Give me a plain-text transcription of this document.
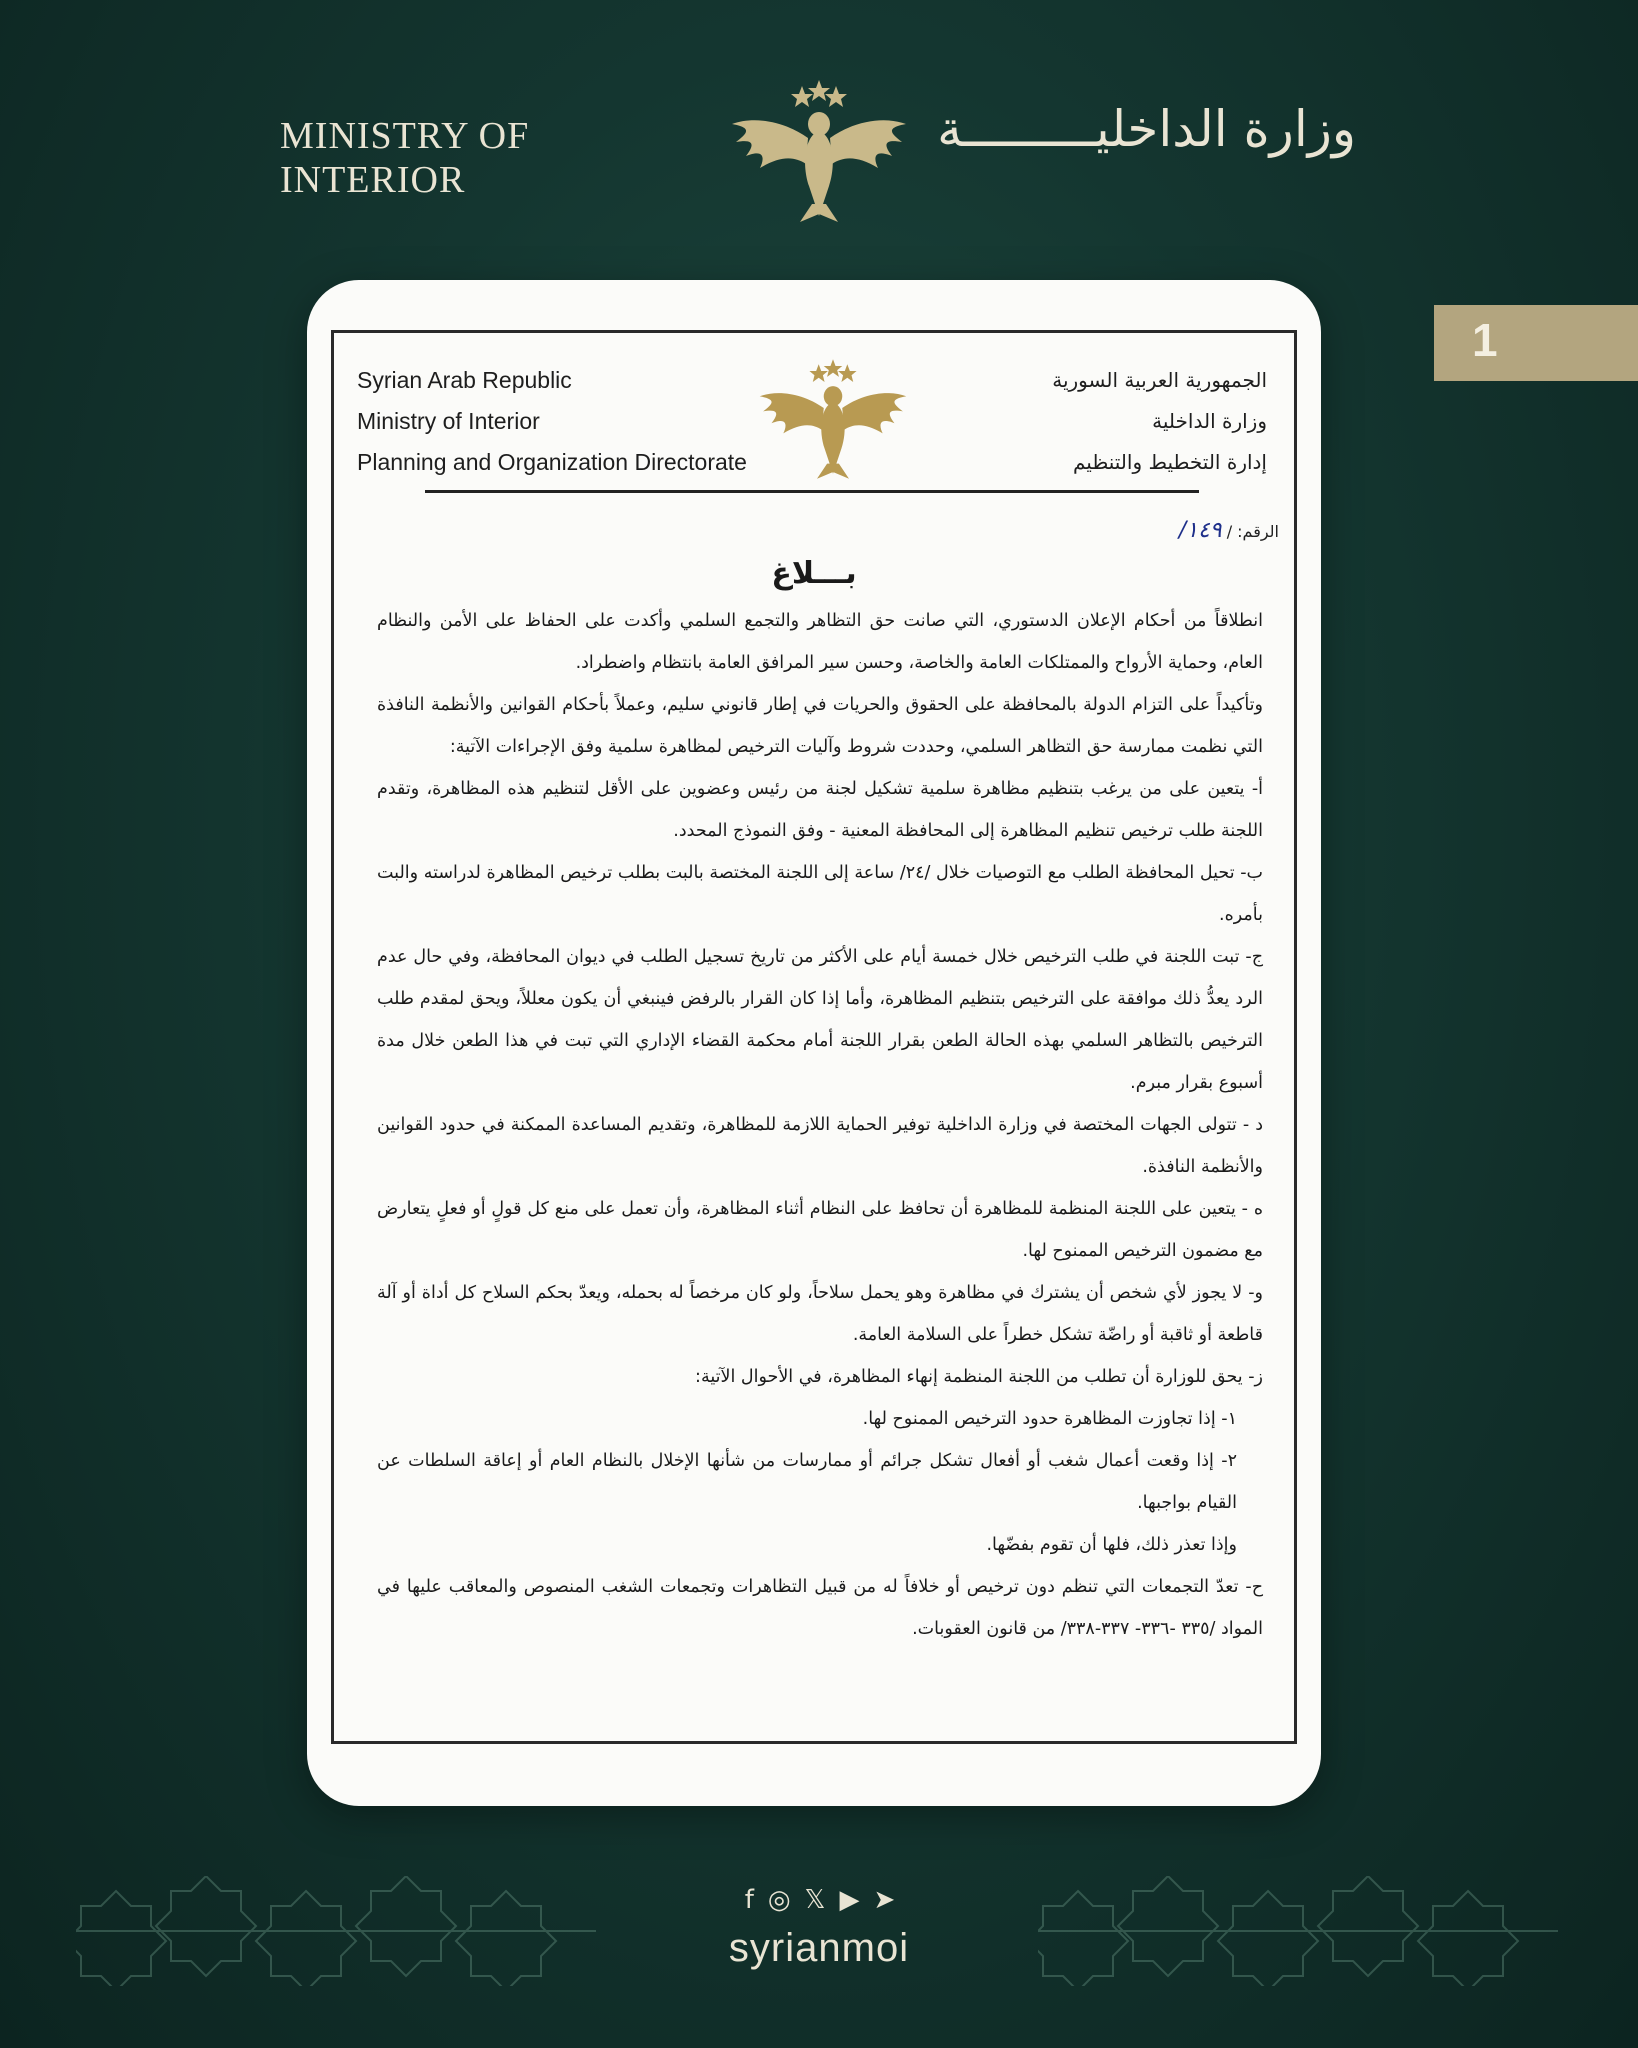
MINISTRY OF INTERIOR
وزارة الداخليـــــــــة
1
Syrian Arab Republic
Ministry of Interior
Planning and Organization Directorate
الجمهورية العربية السورية
وزارة الداخلية
إدارة التخطيط والتنظيم
الرقم: / ١٤٩/
بـــلاغ

انطلاقاً من أحكام الإعلان الدستوري، التي صانت حق التظاهر والتجمع السلمي وأكدت على الحفاظ على الأمن والنظام العام، وحماية الأرواح والممتلكات العامة والخاصة، وحسن سير المرافق العامة بانتظام واضطراد.

وتأكيداً على التزام الدولة بالمحافظة على الحقوق والحريات في إطار قانوني سليم، وعملاً بأحكام القوانين والأنظمة النافذة التي نظمت ممارسة حق التظاهر السلمي، وحددت شروط وآليات الترخيص لمظاهرة سلمية وفق الإجراءات الآتية:

أ- يتعين على من يرغب بتنظيم مظاهرة سلمية تشكيل لجنة من رئيس وعضوين على الأقل لتنظيم هذه المظاهرة، وتقدم اللجنة طلب ترخيص تنظيم المظاهرة إلى المحافظة المعنية - وفق النموذج المحدد.

ب- تحيل المحافظة الطلب مع التوصيات خلال /٢٤/ ساعة إلى اللجنة المختصة بالبت بطلب ترخيص المظاهرة لدراسته والبت بأمره.

ج- تبت اللجنة في طلب الترخيص خلال خمسة أيام على الأكثر من تاريخ تسجيل الطلب في ديوان المحافظة، وفي حال عدم الرد يعدُّ ذلك موافقة على الترخيص بتنظيم المظاهرة، وأما إذا كان القرار بالرفض فينبغي أن يكون معللاً، ويحق لمقدم طلب الترخيص بالتظاهر السلمي بهذه الحالة الطعن بقرار اللجنة أمام محكمة القضاء الإداري التي تبت في هذا الطعن خلال مدة أسبوع بقرار مبرم.

د - تتولى الجهات المختصة في وزارة الداخلية توفير الحماية اللازمة للمظاهرة، وتقديم المساعدة الممكنة في حدود القوانين والأنظمة النافذة.

ه - يتعين على اللجنة المنظمة للمظاهرة أن تحافظ على النظام أثناء المظاهرة، وأن تعمل على منع كل قولٍ أو فعلٍ يتعارض مع مضمون الترخيص الممنوح لها.

و- لا يجوز لأي شخص أن يشترك في مظاهرة وهو يحمل سلاحاً، ولو كان مرخصاً له بحمله، ويعدّ بحكم السلاح كل أداة أو آلة قاطعة أو ثاقبة أو راضّة تشكل خطراً على السلامة العامة.

ز- يحق للوزارة أن تطلب من اللجنة المنظمة إنهاء المظاهرة، في الأحوال الآتية:

١- إذا تجاوزت المظاهرة حدود الترخيص الممنوح لها.

٢- إذا وقعت أعمال شغب أو أفعال تشكل جرائم أو ممارسات من شأنها الإخلال بالنظام العام أو إعاقة السلطات عن القيام بواجبها.

وإذا تعذر ذلك، فلها أن تقوم بفضّها.

ح- تعدّ التجمعات التي تنظم دون ترخيص أو خلافاً له من قبيل التظاهرات وتجمعات الشغب المنصوص والمعاقب عليها في المواد /٣٣٥ -٣٣٦- ٣٣٧-٣٣٨/ من قانون العقوبات.

f ◎ 𝕏 ▶ ➤
syrianmoi
